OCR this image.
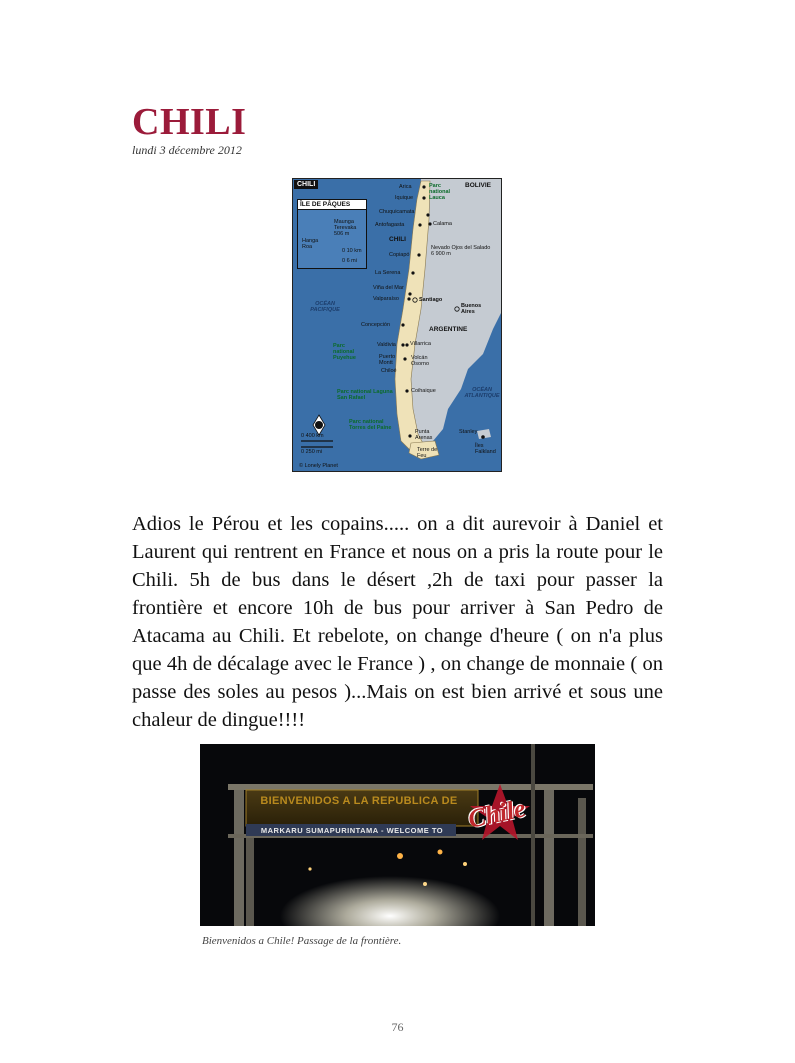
CHILI
lundi 3 décembre 2012
CHILI
ÎLE DE PÂQUES
Maunga Terevaka 506 m
Hanga Roa
0 10 km
0 6 mi
BOLIVIE
CHILI
ARGENTINE
OCÉAN PACIFIQUE
OCÉAN ATLANTIQUE
Arica
Iquique
Chuquicamata
Calama
Antofagasta
Copiapó
Nevado Ojos del Salado 6 900 m
La Serena
Viña del Mar
Valparaíso	Santiago
Buenos Aires
Concepción
Valdivia	Villarrica
Puerto Montt
Volcán Osorno
Chiloé
Coihaique
Punta Arenas
Stanley
Îles Falkland
Terre de Feu
Parc national Lauca
Parc national Puyehue
Parc national Laguna San Rafael
Parc national Torres del Paine
0 400 km
0 250 mi
© Lonely Planet

Adios le Pérou et les copains..... on a dit aurevoir à Daniel et Laurent qui rentrent en France et nous on a pris la route pour le Chili. 5h de bus dans le désert ,2h de taxi pour passer la frontière et encore 10h de bus pour arriver à San Pedro de Atacama au Chili. Et rebelote, on change d'heure ( on n'a plus que 4h de décalage avec le France ) , on change de monnaie ( on passe des soles au pesos )...Mais on est bien arrivé et sous une chaleur de dingue!!!!

BIENVENIDOS A LA REPUBLICA DE
MARKARU SUMAPURINTAMA - WELCOME TO Chile
Bienvenidos a Chile! Passage de la frontière.
76
